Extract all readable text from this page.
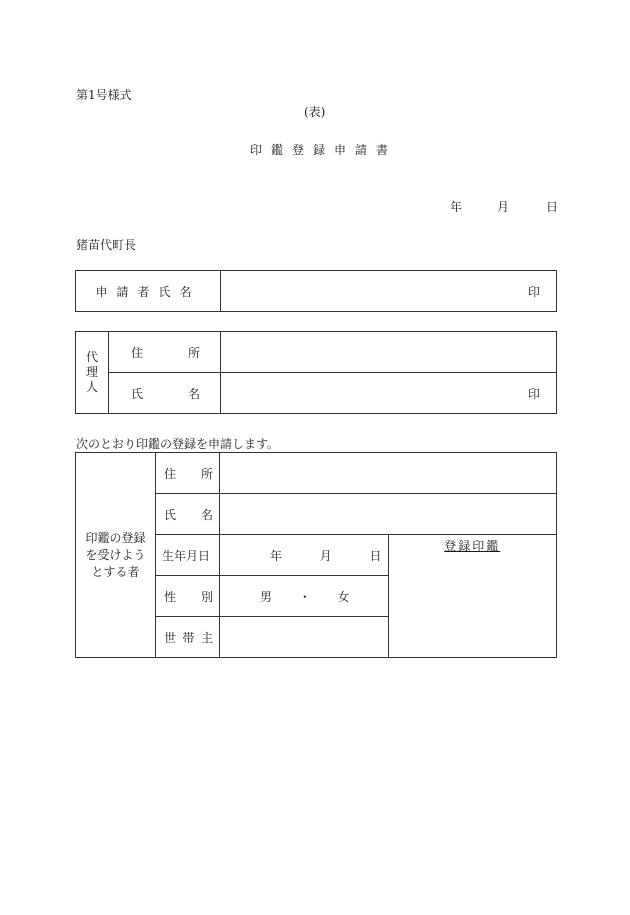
第1号様式
(表)
印鑑登録申請書
年	月	日
猪苗代町長
申請者氏名	印
代
理
人	住 所	

	氏 名	印
次のとおり印鑑の登録を申請します。
印鑑の登録
を受けよう
とする者	住 所		

	氏 名		

	生年月日	年 月 日	登録印鑑

	性 別	男 ・ 女	

	世 帯 主		
